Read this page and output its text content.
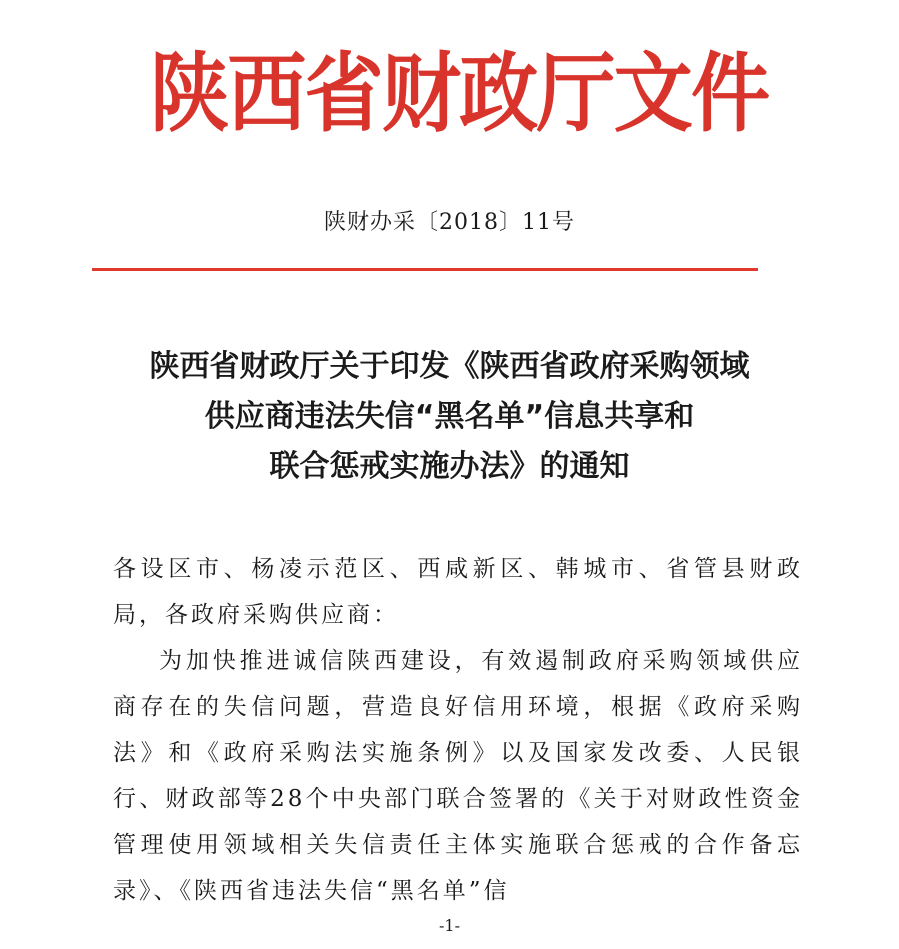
陕西省财政厅文件
陕财办采〔2018〕11号
陕西省财政厅关于印发《陕西省政府采购领域
供应商违法失信“黑名单”信息共享和
联合惩戒实施办法》的通知

各设区市、杨凌示范区、西咸新区、韩城市、省管县财政局，各政府采购供应商：

为加快推进诚信陕西建设，有效遏制政府采购领域供应商存在的失信问题，营造良好信用环境，根据《政府采购法》和《政府采购法实施条例》以及国家发改委、人民银行、财政部等28个中央部门联合签署的《关于对财政性资金管理使用领域相关失信责任主体实施联合惩戒的合作备忘录》、《陕西省违法失信“黑名单”信

-1-
